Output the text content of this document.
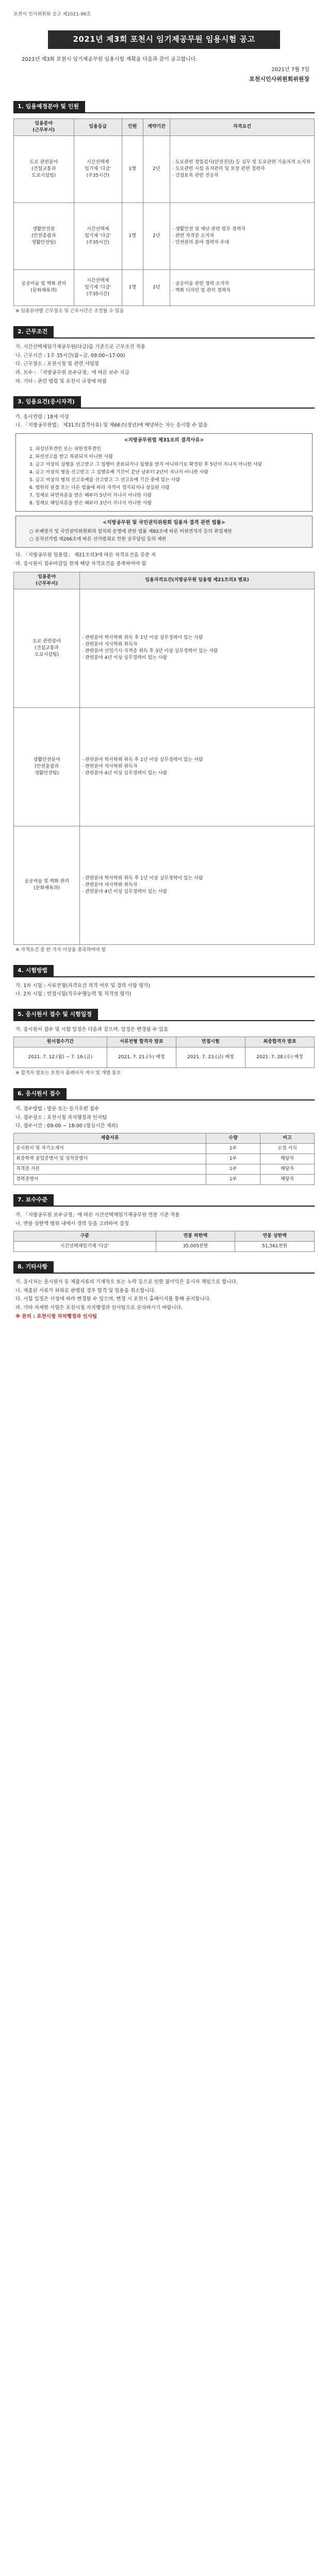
포천시 인사위원회 공고 제2021-96호
2021년 제3회 포천시 임기제공무원 임용시험 공고
2021년 제3회 포천시 임기제공무원 임용시험 계획을 다음과 같이 공고합니다.
2021년 7월 7일
포천시인사위원회위원장
1. 임용예정분야 및 인원
임용분야
(근무부서)	임용등급	인원	계약기간	자격요건
도로 관련분야
(건설교통과
도로시설팀)	시간선택제
임기제 '다급'
(주35시간)	1명	2년	· 도로관련 정밀검사(안전진단) 등 실무 및 도로관련 기술자격 소지자
· 도로관련 시설 유지관리 및 포장 관련 경력자
· 건설토목 관련 전공자
생활안전분
(안전총괄과
생활안전팀)	시간선택제
임기제 '다급'
(주35시간)	1명	2년	· 생활안전 및 재난 관련 업무 경력자
· 관련 자격증 소지자
· 안전관리 분야 경력자 우대
공공미술 및 벽화 관리
(문화체육과)	시간선택제
임기제 '다급'
(주35시간)	1명	2년	· 공공미술 관련 경력 소지자
· 벽화 디자인 및 관리 경력자
※ 임용분야별 근무장소 및 근무시간은 조정될 수 있음
2. 근무조건

가. 시간선택제임기제공무원(다급)을 기준으로 근무조건 적용

나. 근무시간 : 1주 35시간(월~금, 09:00~17:00)

다. 근무장소 : 포천시청 및 관련 사업장

라. 보수 : 「지방공무원 보수규정」에 따른 보수 지급

마. 기타 : 관련 법령 및 포천시 규정에 따름

3. 임용요건(응시자격)

가. 응시연령 : 18세 이상

나. 「지방공무원법」 제31조(결격사유) 및 제66조(정년)에 해당하는 자는 응시할 수 없음

<지방공무원법 제31조의 결격사유>

1. 피성년후견인 또는 피한정후견인

2. 파산선고를 받고 복권되지 아니한 사람

3. 금고 이상의 실형을 선고받고 그 집행이 종료되거나 집행을 받지 아니하기로 확정된 후 5년이 지나지 아니한 사람

4. 금고 이상의 형을 선고받고 그 집행유예 기간이 끝난 날부터 2년이 지나지 아니한 사람

5. 금고 이상의 형의 선고유예를 선고받고 그 선고유예 기간 중에 있는 사람

6. 법원의 판결 또는 다른 법률에 따라 자격이 정지되거나 상실된 사람

7. 징계로 파면처분을 받은 때부터 5년이 지나지 아니한 사람

8. 징계로 해임처분을 받은 때부터 3년이 지나지 아니한 사람

<지방공무원 및 국민권익위원회 임용자 결격 관련 법률>

○ 부패방지 및 국민권익위원회의 설치와 운영에 관한 법률 제82조에 따른 비위면직자 등의 취업제한

○ 공직선거법 제266조에 따른 선거범죄로 인한 공무담임 등의 제한

다. 「지방공무원 임용령」 제21조의3에 따른 자격요건을 갖춘 자

라. 응시원서 접수마감일 현재 해당 자격요건을 충족하여야 함

임용분야
(근무부서)	임용자격요건(지방공무원 임용령 제21조의3 별표)
도로 관련분야
(건설교통과
도로시설팀)	· 관련분야 학사학위 취득 후 1년 이상 실무경력이 있는 사람
· 관련분야 석사학위 취득자
· 관련분야 산업기사 자격증 취득 후 3년 이상 실무경력이 있는 사람
· 관련분야 4년 이상 실무경력이 있는 사람
생활안전분야
(안전총괄과
생활안전팀)	· 관련분야 학사학위 취득 후 1년 이상 실무경력이 있는 사람
· 관련분야 석사학위 취득자
· 관련분야 4년 이상 실무경력이 있는 사람
공공미술 및 벽화 관리
(문화체육과)	· 관련분야 학사학위 취득 후 1년 이상 실무경력이 있는 사람
· 관련분야 석사학위 취득자
· 관련분야 4년 이상 실무경력이 있는 사람
※ 자격요건 중 한 가지 이상을 충족하여야 함
4. 시험방법

가. 1차 시험 : 서류전형(자격요건 적격 여부 및 경력 사항 평가)

나. 2차 시험 : 면접시험(직무수행능력 및 적격성 평가)

5. 응시원서 접수 및 시험일정

가. 응시원서 접수 및 시험 일정은 다음과 같으며, 일정은 변경될 수 있음

원서접수기간	서류전형 합격자 발표	면접시험	최종합격자 발표
2021. 7. 12.(월) ~ 7. 16.(금)	2021. 7. 21.(수) 예정	2021. 7. 23.(금) 예정	2021. 7. 28.(수) 예정
※ 합격자 발표는 포천시 홈페이지 게시 및 개별 통보
6. 응시원서 접수

가. 접수방법 : 방문 또는 등기우편 접수

나. 접수장소 : 포천시청 자치행정과 인사팀

다. 접수시간 : 09:00 ~ 18:00 (점심시간 제외)

제출서류	수량	비고
응시원서 및 자기소개서	1부	소정 서식
최종학력 졸업증명서 및 성적증명서	1부	해당자
자격증 사본	1부	해당자
경력증명서	1부	해당자
7. 보수수준

가. 「지방공무원 보수규정」에 따른 시간선택제임기제공무원 연봉 기준 적용

나. 연봉 상한액 범위 내에서 경력 등을 고려하여 결정

구분	연봉 하한액	연봉 상한액
시간선택제임기제 '다급'	35,005천원	51,561천원
8. 기타사항

가. 응시자는 응시원서 등 제출서류의 기재착오 또는 누락 등으로 인한 불이익은 응시자 책임으로 합니다.

나. 제출된 서류가 허위로 판명될 경우 합격 및 임용을 취소합니다.

다. 시험 일정은 사정에 따라 변경될 수 있으며, 변경 시 포천시 홈페이지를 통해 공지합니다.

라. 기타 자세한 사항은 포천시청 자치행정과 인사팀으로 문의하시기 바랍니다.

※ 문의 : 포천시청 자치행정과 인사팀
